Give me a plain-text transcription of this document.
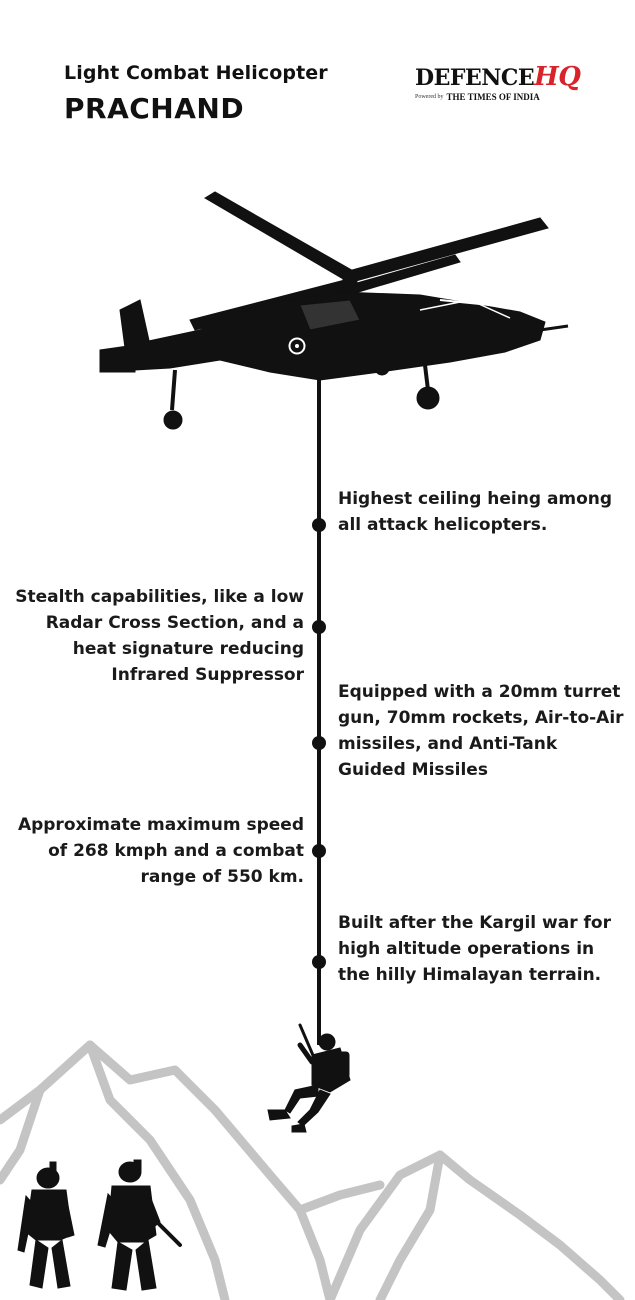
Light Combat Helicopter
PRACHAND
DEFENCEHQ
Powered by THE TIMES OF INDIA
Highest ceiling heing among all attack helicopters.
Stealth capabilities, like a low Radar Cross Section, and a heat signature reducing Infrared Suppressor
Equipped with a 20mm turret gun, 70mm rockets, Air-to-Air missiles, and Anti-Tank Guided Missiles
Approximate maximum speed of 268 kmph and a combat range of 550 km.
Built after the Kargil war for high altitude operations in the hilly Himalayan terrain.
